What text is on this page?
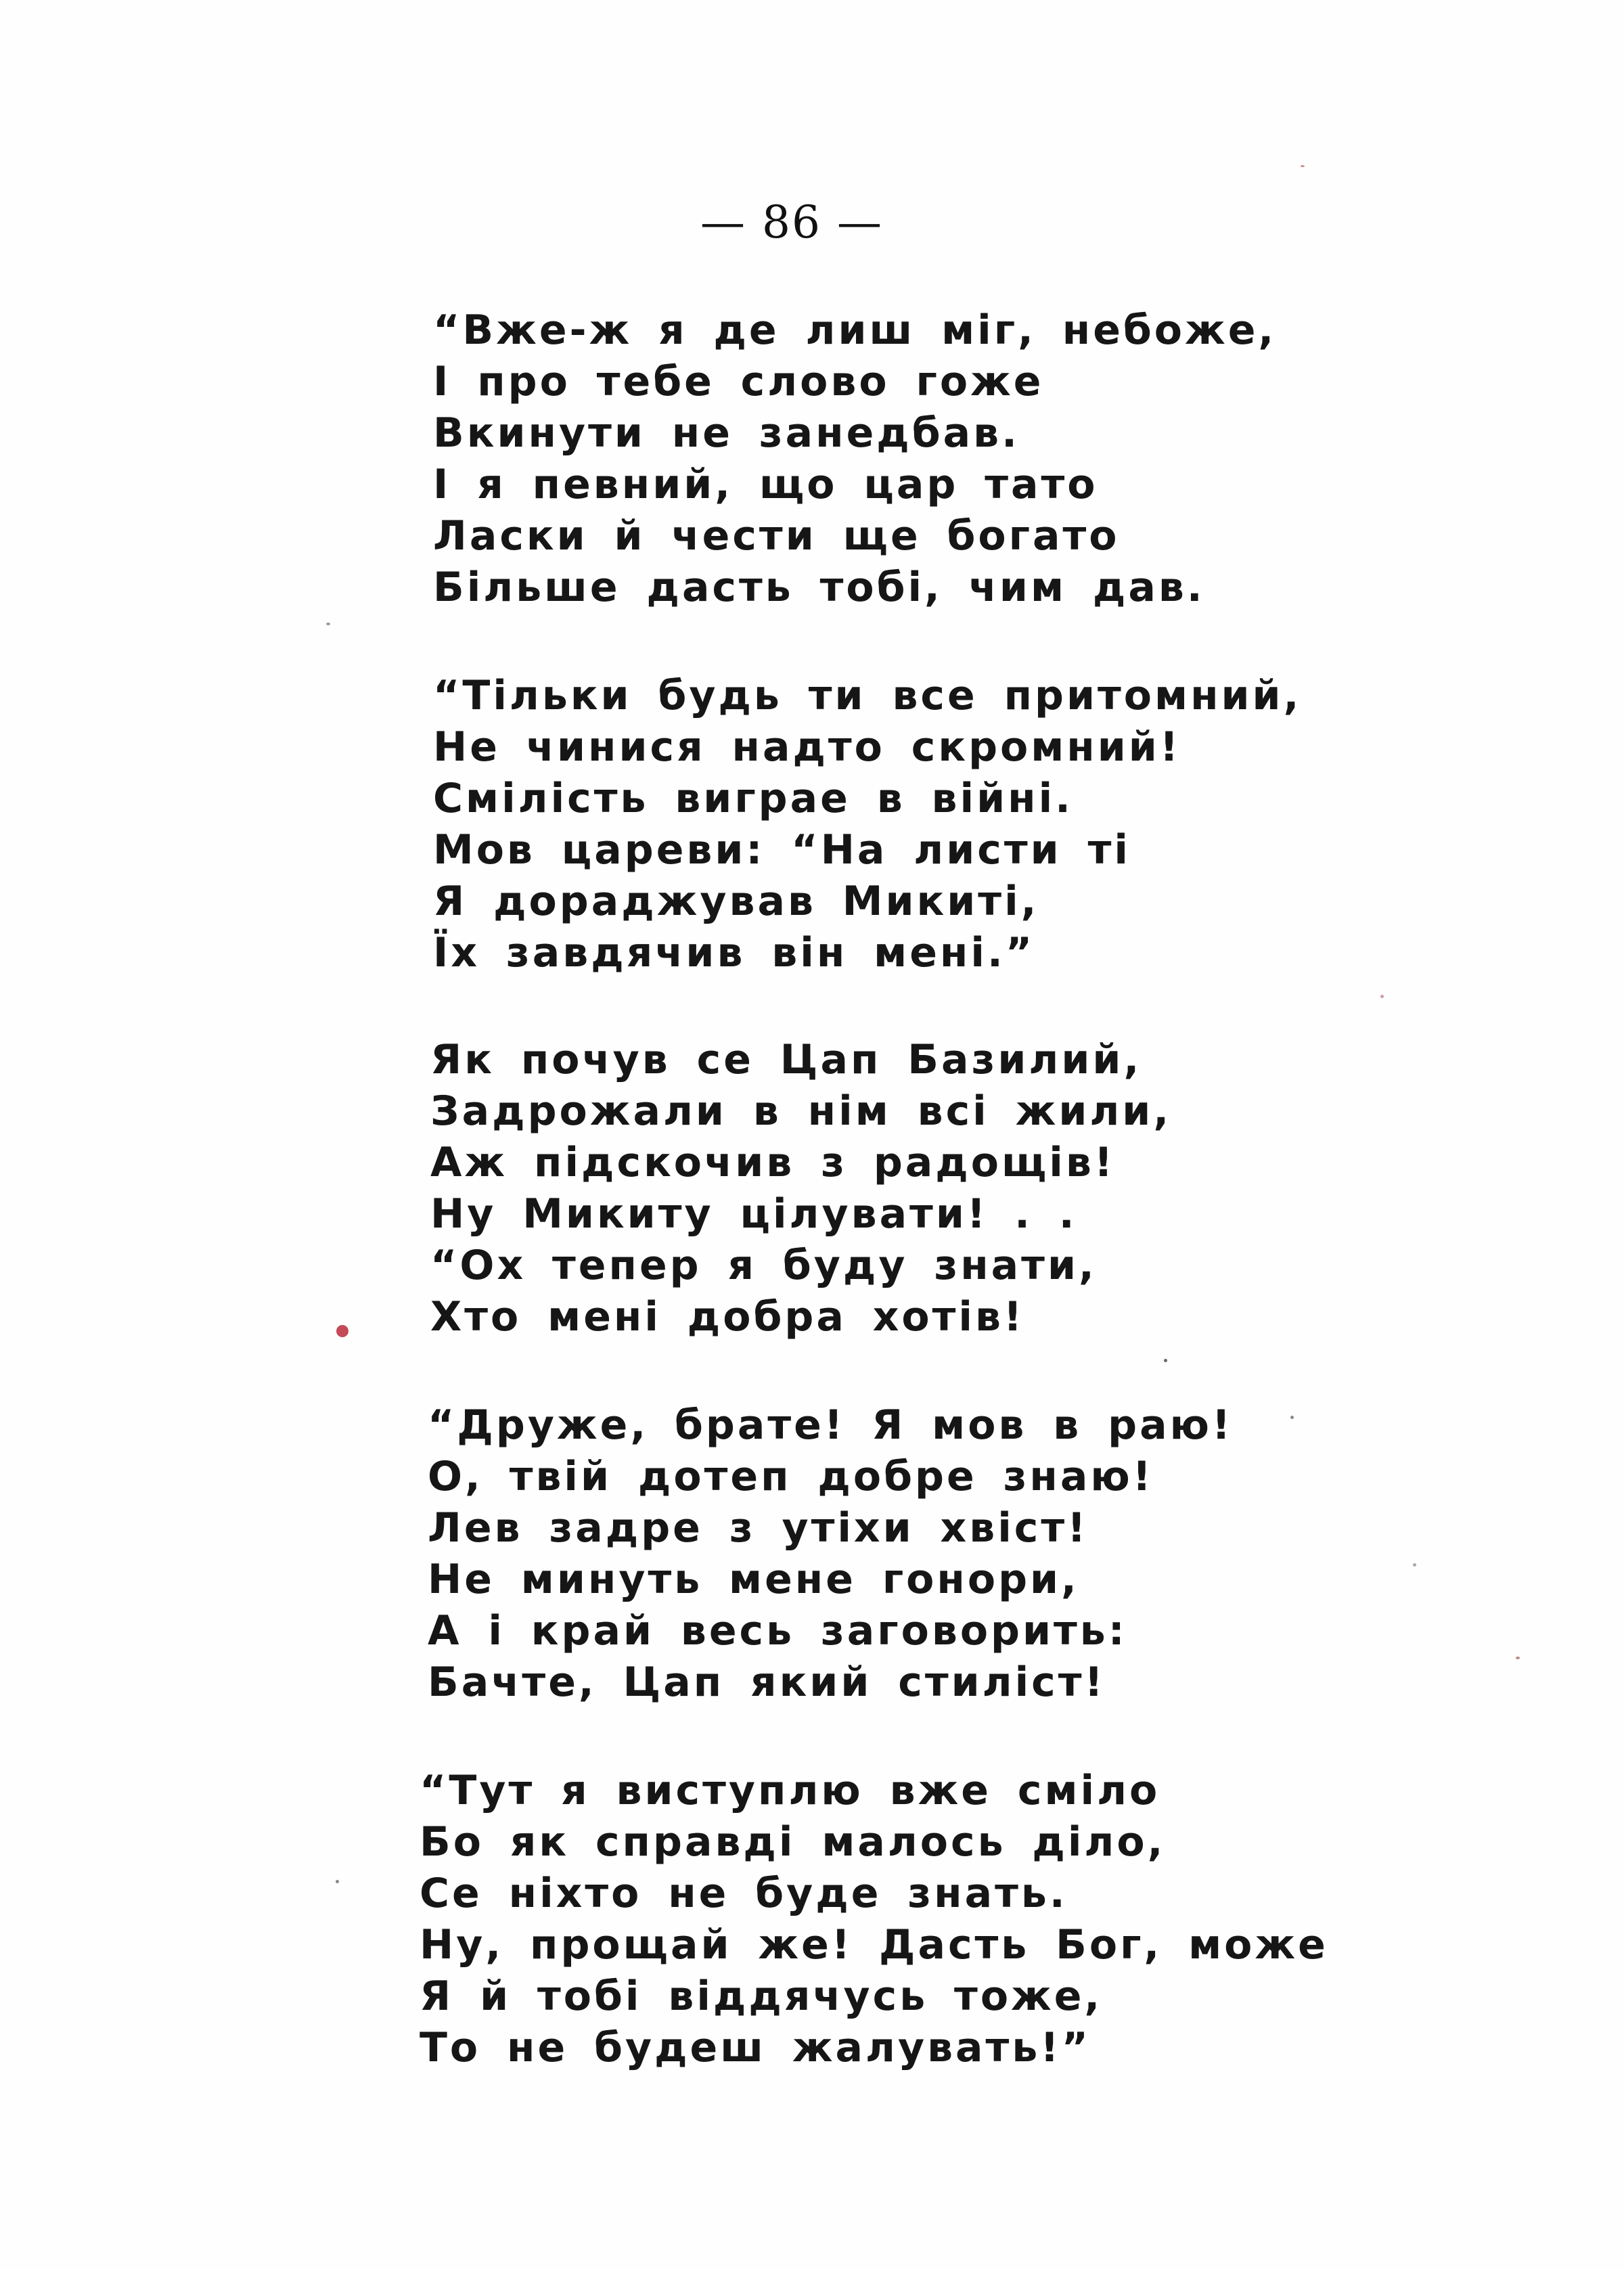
— 86 —
“Вже-ж я де лиш міг, небоже,
І про тебе слово гоже
Вкинути не занедбав.
І я певний, що цар тато
Ласки й чести ще богато
Більше дасть тобі, чим дав.
“Тільки будь ти все притомний,
Не чинися надто скромний!
Сміліcть виграе в війні.
Мов цареви: “На листи ті
Я дораджував Микиті,
Їх завдячив він мені.”
Як почув се Цап Базилий,
Задрожали в нім всі жили,
Аж підскочив з радощів!
Ну Микиту цілувати! . .
“Ох тепер я буду знати,
Хто мені добра хотів!
“Друже, брате! Я мов в раю!
О, твій дотеп добре знаю!
Лев задре з утіхи хвіст!
Не минуть мене гонори,
А і край весь заговорить:
Бачте, Цап який стиліст!
“Тут я виступлю вже сміло
Бо як справді малось діло,
Се ніхто не буде знать.
Ну, прощай же! Дасть Бог, може
Я й тобі віддячусь тоже,
То не будеш жалувать!”
